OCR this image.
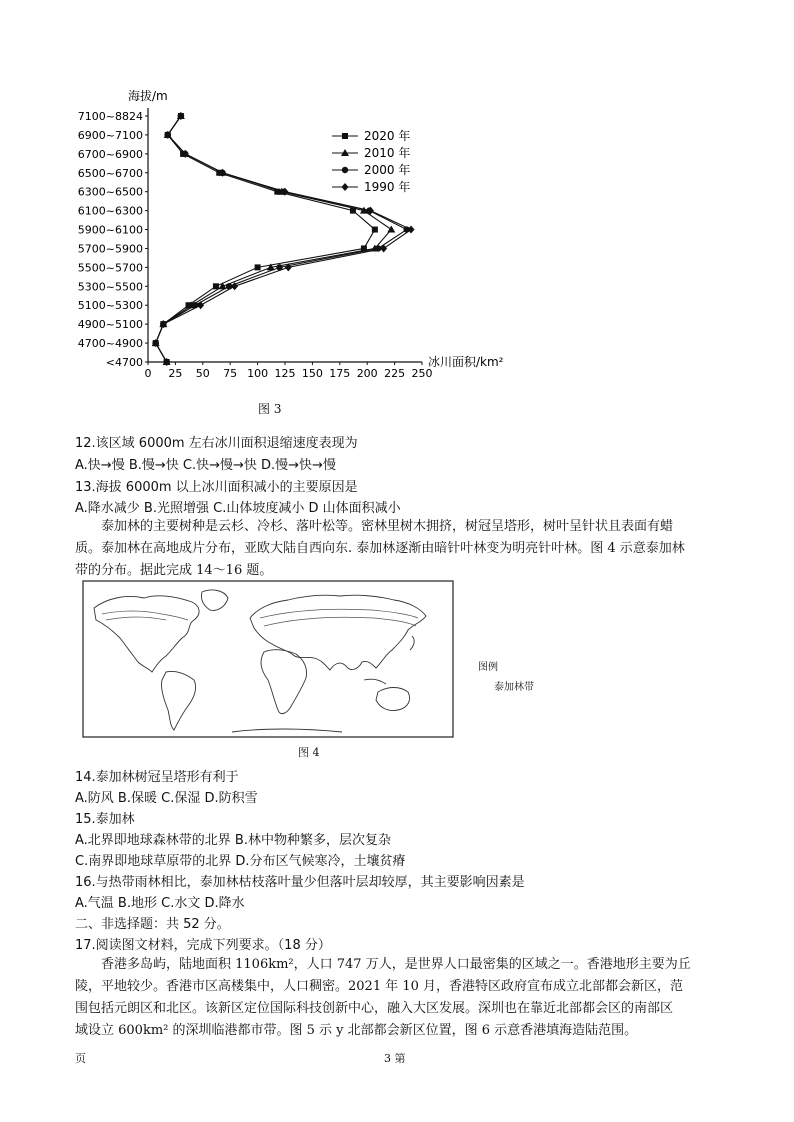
海拔/m
<4700
4700~4900
4900~5100
5100~5300
5300~5500
5500~5700
5700~5900
5900~6100
6100~6300
6300~6500
6500~6700
6700~6900
6900~7100
7100~8824
0 25 50 75 100 125 150 175 200 225 250
2020 年
2010 年
2000 年
1990 年
冰川面积/km²
图 3
12.该区域 6000m 左右冰川面积退缩速度表现为
A.快→慢 B.慢→快 C.快→慢→快 D.慢→快→慢
13.海拔 6000m 以上冰川面积减小的主要原因是
A.降水减少 B.光照增强 C.山体坡度减小 D 山体面积减小
泰加林的主要树种是云杉、冷杉、落叶松等。密林里树木拥挤，树冠呈塔形，树叶呈针状且表面有蜡
质。泰加林在高地成片分布，亚欧大陆自西向东. 泰加林逐渐由暗针叶林变为明亮针叶林。图 4 示意泰加林
带的分布。据此完成 14～16 题。
图例
泰加林带
图 4
14.泰加林树冠呈塔形有利于
A.防风 B.保暖 C.保湿 D.防积雪
15.泰加林
A.北界即地球森林带的北界 B.林中物种繁多，层次复杂
C.南界即地球草原带的北界 D.分布区气候寒冷，土壤贫瘠
16.与热带雨林相比，泰加林枯枝落叶量少但落叶层却较厚，其主要影响因素是
A.气温 B.地形 C.水文 D.降水
二、非选择题：共 52 分。
17.阅读图文材料，完成下列要求。（18 分）
香港多岛屿，陆地面积 1106km²，人口 747 万人，是世界人口最密集的区域之一。香港地形主要为丘
陵，平地较少。香港市区高楼集中，人口稠密。2021 年 10 月，香港特区政府宣布成立北部都会新区，范
围包括元朗区和北区。该新区定位国际科技创新中心，融入大区发展。深圳也在靠近北部都会区的南部区
域设立 600km² 的深圳临港都市带。图 5 示 y 北部都会新区位置，图 6 示意香港填海造陆范围。
页	3 第
